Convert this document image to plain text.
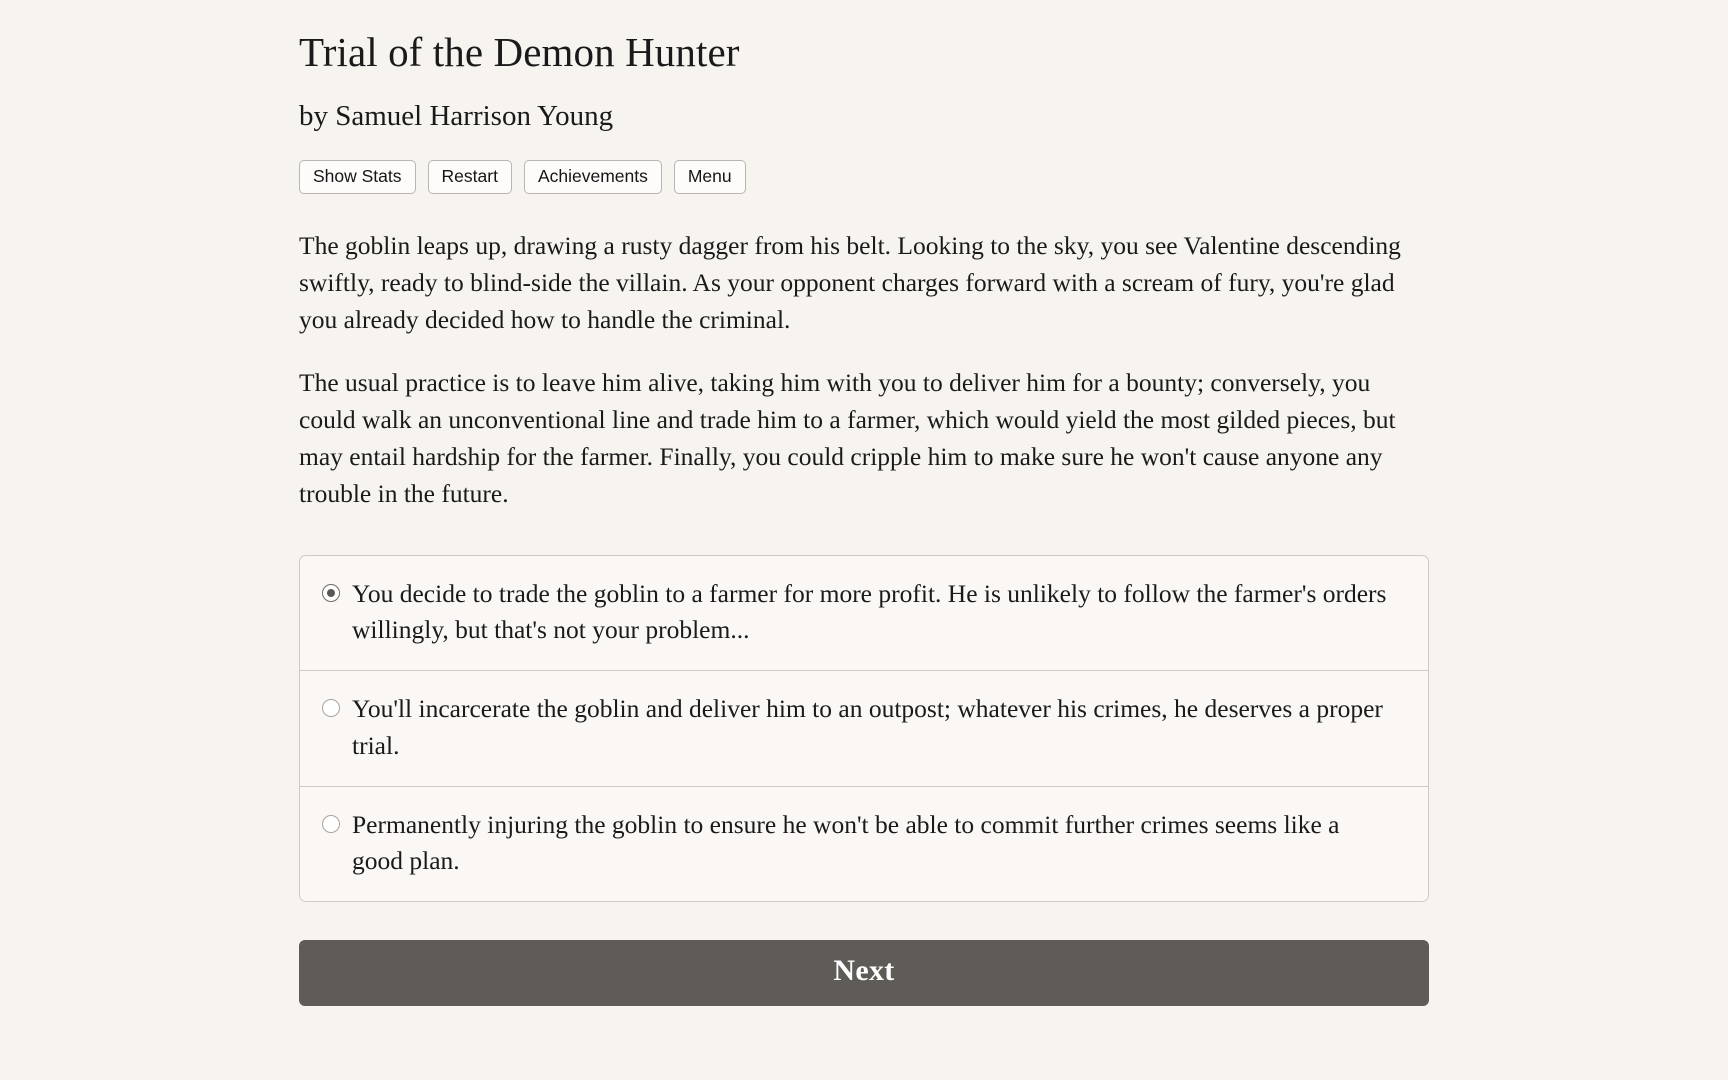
Trial of the Demon Hunter
by Samuel Harrison Young
Show Stats	Restart	Achievements	Menu

The goblin leaps up, drawing a rusty dagger from his belt. Looking to the sky, you see Valentine descending swiftly, ready to blind-side the villain. As your opponent charges forward with a scream of fury, you're glad you already decided how to handle the criminal.

The usual practice is to leave him alive, taking him with you to deliver him for a bounty; conversely, you could walk an unconventional line and trade him to a farmer, which would yield the most gilded pieces, but may entail hardship for the farmer. Finally, you could cripple him to make sure he won't cause anyone any trouble in the future.

You decide to trade the goblin to a farmer for more profit. He is unlikely to follow the farmer's orders willingly, but that's not your problem...
You'll incarcerate the goblin and deliver him to an outpost; whatever his crimes, he deserves a proper trial.
Permanently injuring the goblin to ensure he won't be able to commit further crimes seems like a good plan.
Next
